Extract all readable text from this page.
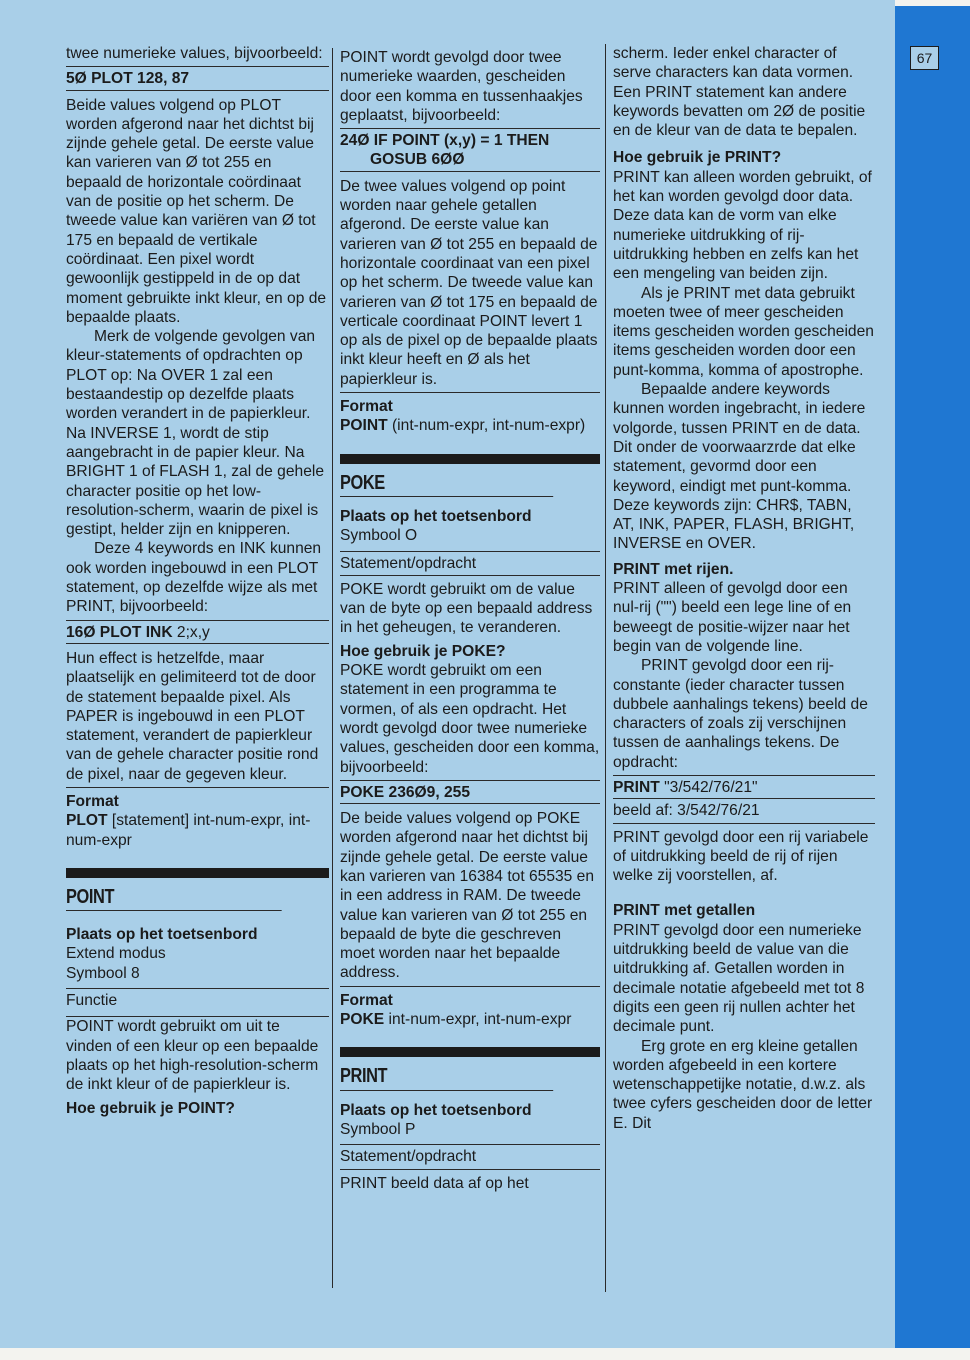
67

twee numerieke values, bijvoorbeeld:

5Ø PLOT 128, 87

Beide values volgend op PLOT worden afgerond naar het dichtst bij zijnde gehele getal. De eerste value kan varieren van Ø tot 255 en bepaald de horizontale coördinaat van de positie op het scherm. De tweede value kan variëren van Ø tot 175 en bepaald de vertikale coördinaat. Een pixel wordt gewoonlijk gestippeld in de op dat moment gebruikte inkt kleur, en op de bepaalde plaats.

Merk de volgende gevolgen van kleur-statements of opdrachten op PLOT op: Na OVER 1 zal een bestaandestip op dezelfde plaats worden verandert in de papierkleur. Na INVERSE 1, wordt de stip aangebracht in de papier kleur. Na BRIGHT 1 of FLASH 1, zal de gehele character positie op het low-resolution-scherm, waarin de pixel is gestipt, helder zijn en knipperen.

Deze 4 keywords en INK kunnen ook worden ingebouwd in een PLOT statement, op dezelfde wijze als met PRINT, bijvoorbeeld:

16Ø PLOT INK 2;x,y

Hun effect is hetzelfde, maar plaatselijk en gelimiteerd tot de door de statement bepaalde pixel. Als PAPER is ingebouwd in een PLOT statement, verandert de papierkleur van de gehele character positie rond de pixel, naar de gegeven kleur.

Format

PLOT [statement] int-num-expr, int-num-expr

POINT
Plaats op het toetsenbord

Extend modus

Symbool 8

Functie

POINT wordt gebruikt om uit te vinden of een kleur op een bepaalde plaats op het high-resolution-scherm de inkt kleur of de papierkleur is.

Hoe gebruik je POINT?

POINT wordt gevolgd door twee numerieke waarden, gescheiden door een komma en tussenhaakjes geplaatst, bijvoorbeeld:

24Ø IF POINT (x,y) = 1 THEN
GOSUB 6ØØ

De twee values volgend op point worden naar gehele getallen afgerond. De eerste value kan varieren van Ø tot 255 en bepaald de horizontale coordinaat van een pixel op het scherm. De tweede value kan varieren van Ø tot 175 en bepaald de verticale coordinaat POINT levert 1 op als de pixel op de bepaalde plaats inkt kleur heeft en Ø als het papierkleur is.

Format

POINT (int-num-expr, int-num-expr)

POKE
Plaats op het toetsenbord

Symbool O

Statement/opdracht

POKE wordt gebruikt om de value van de byte op een bepaald address in het geheugen, te veranderen.

Hoe gebruik je POKE?

POKE wordt gebruikt om een statement in een programma te vormen, of als een opdracht. Het wordt gevolgd door twee numerieke values, gescheiden door een komma, bijvoorbeeld:

POKE 236Ø9, 255

De beide values volgend op POKE worden afgerond naar het dichtst bij zijnde gehele getal. De eerste value kan varieren van 16384 tot 65535 en in een address in RAM. De tweede value kan varieren van Ø tot 255 en bepaald de byte die geschreven moet worden naar het bepaalde address.

Format

POKE int-num-expr, int-num-expr

PRINT
Plaats op het toetsenbord

Symbool P

Statement/opdracht

PRINT beeld data af op het

scherm. Ieder enkel character of serve characters kan data vormen. Een PRINT statement kan andere keywords bevatten om 2Ø de positie en de kleur van de data te bepalen.

Hoe gebruik je PRINT?

PRINT kan alleen worden gebruikt, of het kan worden gevolgd door data. Deze data kan de vorm van elke numerieke uitdrukking of rij-uitdrukking hebben en zelfs kan het een mengeling van beiden zijn.

Als je PRINT met data gebruikt moeten twee of meer gescheiden items gescheiden worden gescheiden items gescheiden worden door een punt-komma, komma of apostrophe.

Bepaalde andere keywords kunnen worden ingebracht, in iedere volgorde, tussen PRINT en de data. Dit onder de voorwaarzrde dat elke statement, gevormd door een keyword, eindigt met punt-komma. Deze keywords zijn: CHR$, TABN, AT, INK, PAPER, FLASH, BRIGHT, INVERSE en OVER.

PRINT met rijen.

PRINT alleen of gevolgd door een nul-rij ("") beeld een lege line of en beweegt de positie-wijzer naar het begin van de volgende line.

PRINT gevolgd door een rij-constante (ieder character tussen dubbele aanhalings tekens) beeld de characters of zoals zij verschijnen tussen de aanhalings tekens. De opdracht:

PRINT "3/542/76/21"
beeld af: 3/542/76/21

PRINT gevolgd door een rij variabele of uitdrukking beeld de rij of rijen welke zij voorstellen, af.

PRINT met getallen

PRINT gevolgd door een numerieke uitdrukking beeld de value van die uitdrukking af. Getallen worden in decimale notatie afgebeeld met tot 8 digits een geen rij nullen achter het decimale punt.

Erg grote en erg kleine getallen worden afgebeeld in een kortere wetenschappetijke notatie, d.w.z. als twee cyfers gescheiden door de letter E. Dit
